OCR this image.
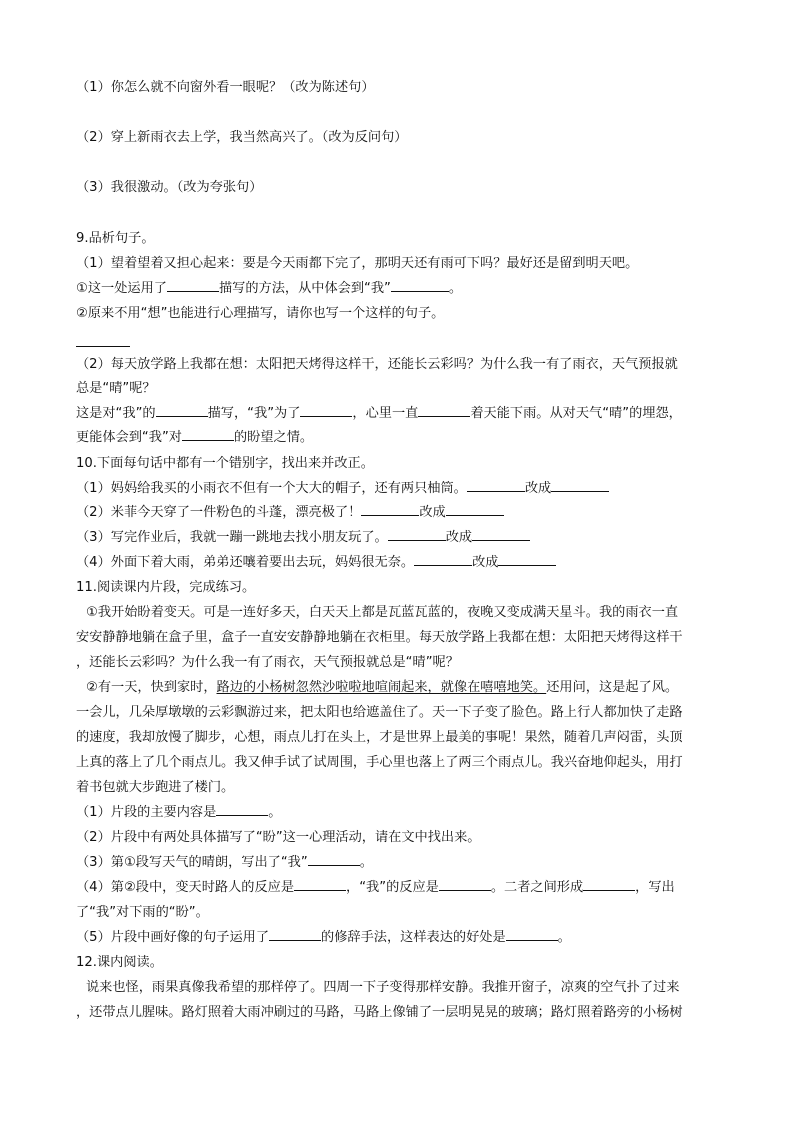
（1）你怎么就不向窗外看一眼呢？（改为陈述句）
（2）穿上新雨衣去上学，我当然高兴了。（改为反问句）
（3）我很激动。（改为夸张句）
9.品析句子。
（1）望着望着又担心起来：要是今天雨都下完了，那明天还有雨可下吗？最好还是留到明天吧。
①这一处运用了	描写的方法，从中体会到“我”	。
②原来不用“想”也能进行心理描写，请你也写一个这样的句子。
（2）每天放学路上我都在想：太阳把天烤得这样干，还能长云彩吗？为什么我一有了雨衣，天气预报就
总是“晴”呢？
这是对“我”的	描写，“我”为了	，心里一直	着天能下雨。从对天气“晴”的埋怨，
更能体会到“我”对	的盼望之情。
10.下面每句话中都有一个错别字，找出来并改正。
（1）妈妈给我买的小雨衣不但有一个大大的帽子，还有两只柚筒。	改成
（2）米菲今天穿了一件粉色的斗蓬，漂亮极了！	改成
（3）写完作业后，我就一蹦一跳地去找小朋友玩了。	改成
（4）外面下着大雨，弟弟还嚷着要出去玩，妈妈很无奈。	改成
11.阅读课内片段，完成练习。
①我开始盼着变天。可是一连好多天，白天天上都是瓦蓝瓦蓝的，夜晚又变成满天星斗。我的雨衣一直
安安静静地躺在盒子里，盒子一直安安静静地躺在衣柜里。每天放学路上我都在想：太阳把天烤得这样干
，还能长云彩吗？为什么我一有了雨衣，天气预报就总是“晴”呢？
②有一天，快到家时，路边的小杨树忽然沙啦啦地喧闹起来，就像在嘻嘻地笑。还用问，这是起了风。
一会儿，几朵厚墩墩的云彩飘游过来，把太阳也给遮盖住了。天一下子变了脸色。路上行人都加快了走路
的速度，我却放慢了脚步，心想，雨点儿打在头上，才是世界上最美的事呢！果然，随着几声闷雷，头顶
上真的落上了几个雨点儿。我又伸手试了试周围，手心里也落上了两三个雨点儿。我兴奋地仰起头，用打
着书包就大步跑进了楼门。
（1）片段的主要内容是	。
（2）片段中有两处具体描写了“盼”这一心理活动，请在文中找出来。
（3）第①段写天气的晴朗，写出了“我”	。
（4）第②段中，变天时路人的反应是	，“我”的反应是	。二者之间形成	，写出
了“我”对下雨的“盼”。
（5）片段中画好像的句子运用了	的修辞手法，这样表达的好处是	。
12.课内阅读。
说来也怪，雨果真像我希望的那样停了。四周一下子变得那样安静。我推开窗子，凉爽的空气扑了过来
，还带点儿腥味。路灯照着大雨冲刷过的马路，马路上像铺了一层明晃晃的玻璃；路灯照着路旁的小杨树
